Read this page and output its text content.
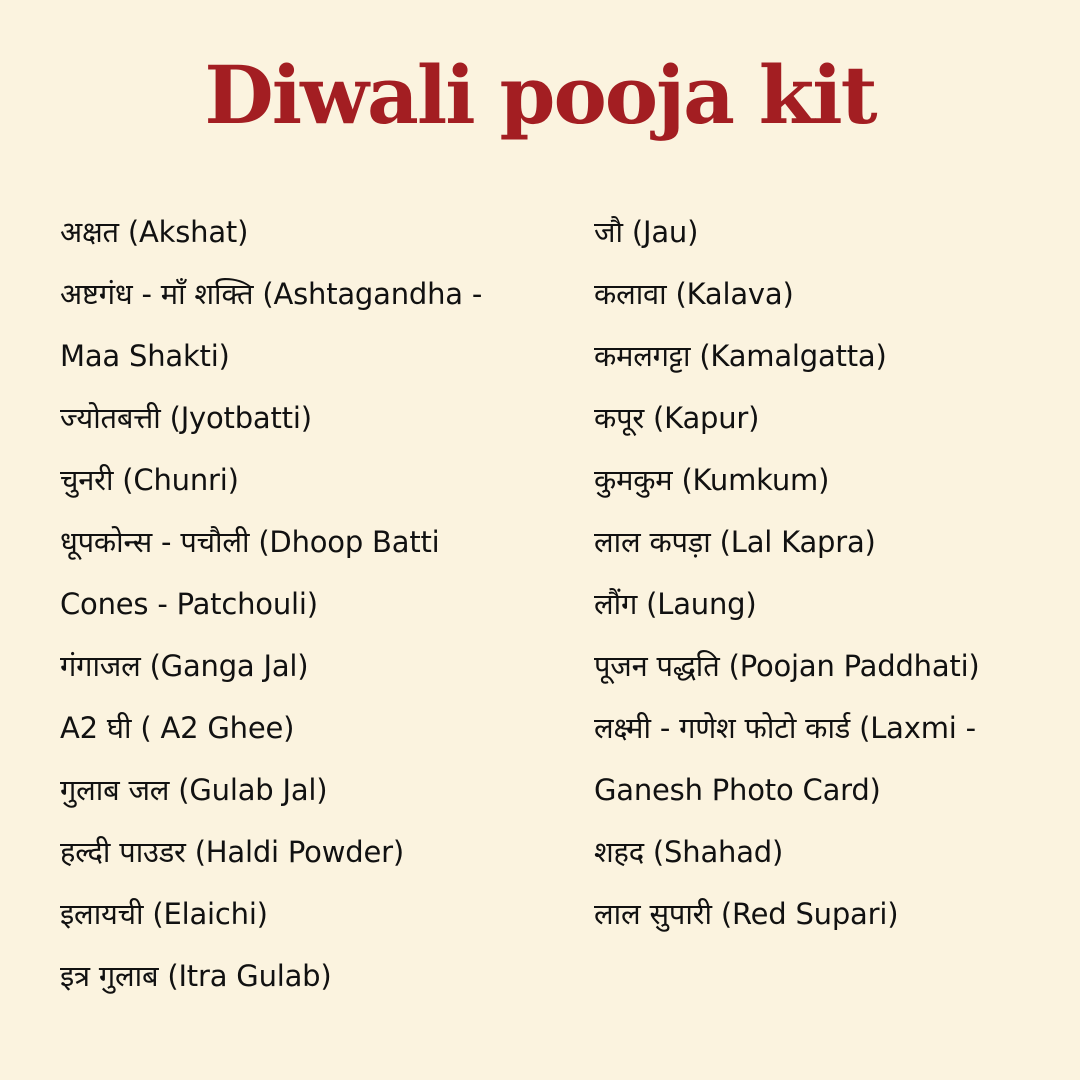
Diwali pooja kit
अक्षत (Akshat)
अष्टगंध - माँ शक्ति (Ashtagandha -
Maa Shakti)
ज्योतबत्ती (Jyotbatti)
चुनरी (Chunri)
धूपकोन्स - पचौली (Dhoop Batti
Cones - Patchouli)
गंगाजल (Ganga Jal)
A2 घी ( A2 Ghee)
गुलाब जल (Gulab Jal)
हल्दी पाउडर (Haldi Powder)
इलायची (Elaichi)
इत्र गुलाब (Itra Gulab)
जौ (Jau)
कलावा (Kalava)
कमलगट्टा (Kamalgatta)
कपूर (Kapur)
कुमकुम (Kumkum)
लाल कपड़ा (Lal Kapra)
लौंग (Laung)
पूजन पद्धति (Poojan Paddhati)
लक्ष्मी - गणेश फोटो कार्ड (Laxmi -
Ganesh Photo Card)
शहद (Shahad)
लाल सुपारी (Red Supari)
